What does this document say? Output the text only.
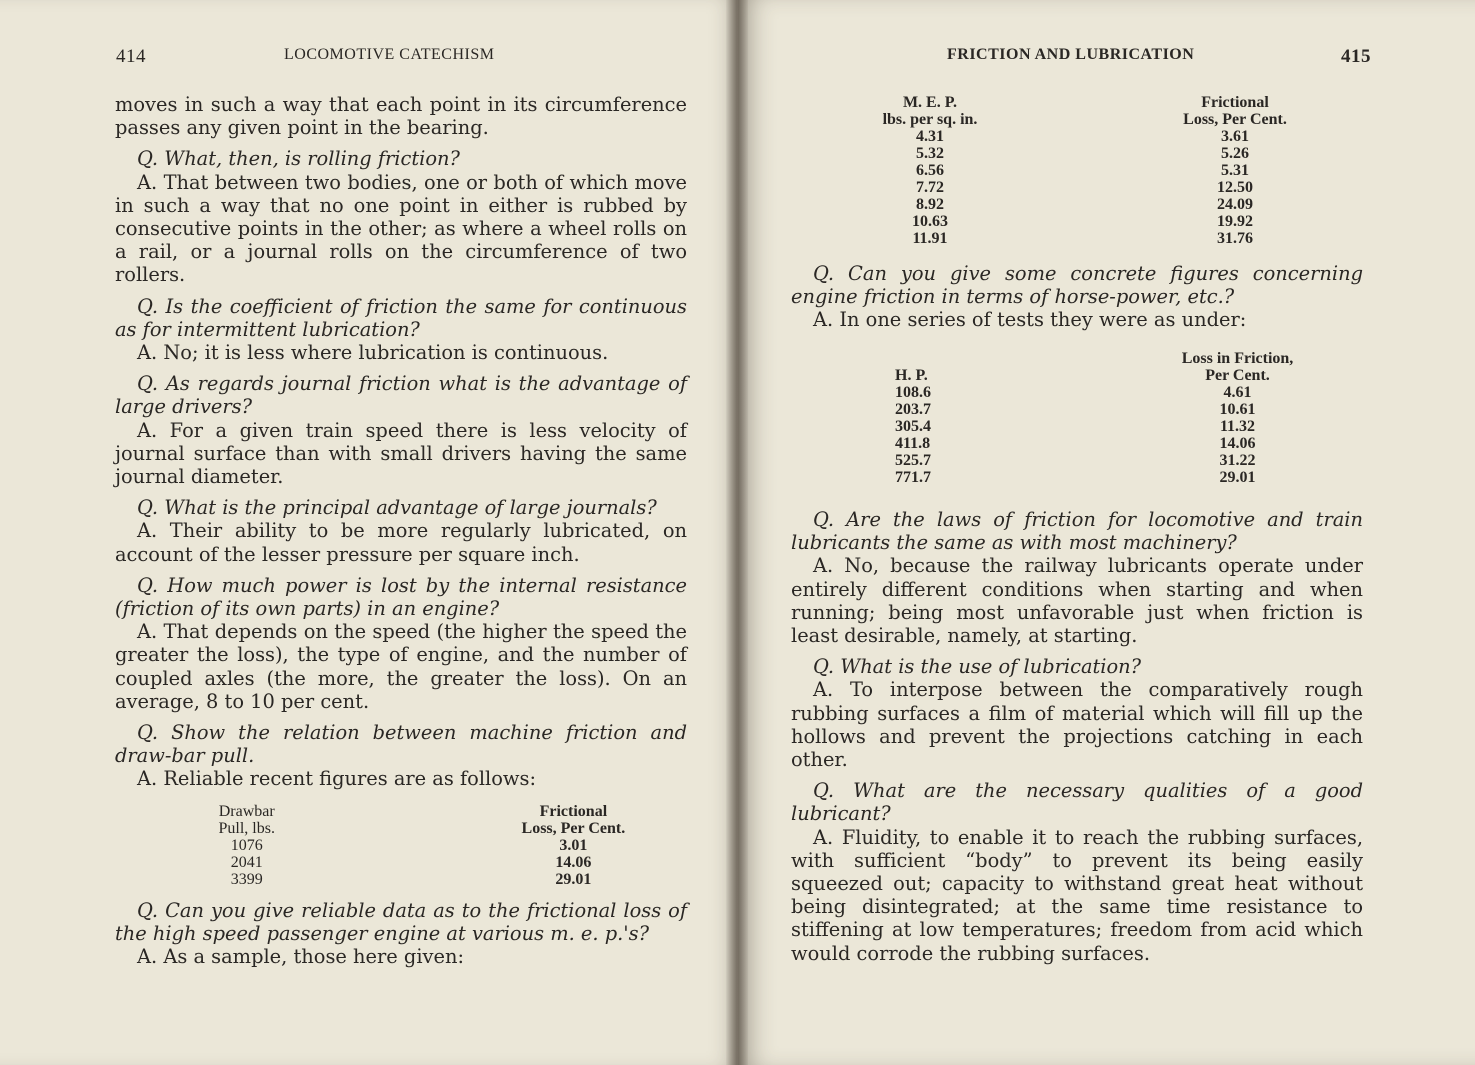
414	LOCOMOTIVE CATECHISM

moves in such a way that each point in its circumference passes any given point in the bearing.

Q. What, then, is rolling friction?

A. That between two bodies, one or both of which move in such a way that no one point in either is rubbed by consecutive points in the other; as where a wheel rolls on a rail, or a journal rolls on the circumference of two rollers.

Q. Is the coefficient of friction the same for continuous as for intermittent lubrication?

A. No; it is less where lubrication is continuous.

Q. As regards journal friction what is the advantage of large drivers?

A. For a given train speed there is less velocity of journal surface than with small drivers having the same journal diameter.

Q. What is the principal advantage of large journals?

A. Their ability to be more regularly lubricated, on account of the lesser pressure per square inch.

Q. How much power is lost by the internal resistance (friction of its own parts) in an engine?

A. That depends on the speed (the higher the speed the greater the loss), the type of engine, and the number of coupled axles (the more, the greater the loss). On an average, 8 to 10 per cent.

Q. Show the relation between machine friction and draw-bar pull.

A. Reliable recent figures are as follows:

Drawbar		Frictional
Pull, lbs.		Loss, Per Cent.
1076		3.01
2041		14.06
3399		29.01

Q. Can you give reliable data as to the frictional loss of the high speed passenger engine at various m. e. p.'s?

A. As a sample, those here given:

FRICTION AND LUBRICATION	415
M. E. P.		Frictional
lbs. per sq. in.		Loss, Per Cent.
4.31		3.61
5.32		5.26
6.56		5.31
7.72		12.50
8.92		24.09
10.63		19.92
11.91		31.76

Q. Can you give some concrete figures concerning engine friction in terms of horse-power, etc.?

A. In one series of tests they were as under:

		Loss in Friction,
H. P.		Per Cent.
108.6		4.61
203.7		10.61
305.4		11.32
411.8		14.06
525.7		31.22
771.7		29.01

Q. Are the laws of friction for locomotive and train lubricants the same as with most machinery?

A. No, because the railway lubricants operate under entirely different conditions when starting and when running; being most unfavorable just when friction is least desirable, namely, at starting.

Q. What is the use of lubrication?

A. To interpose between the comparatively rough rubbing surfaces a film of material which will fill up the hollows and prevent the projections catching in each other.

Q. What are the necessary qualities of a good lubricant?

A. Fluidity, to enable it to reach the rubbing surfaces, with sufficient “body” to prevent its being easily squeezed out; capacity to withstand great heat without being disintegrated; at the same time resistance to stiffening at low temperatures; freedom from acid which would corrode the rubbing surfaces.
